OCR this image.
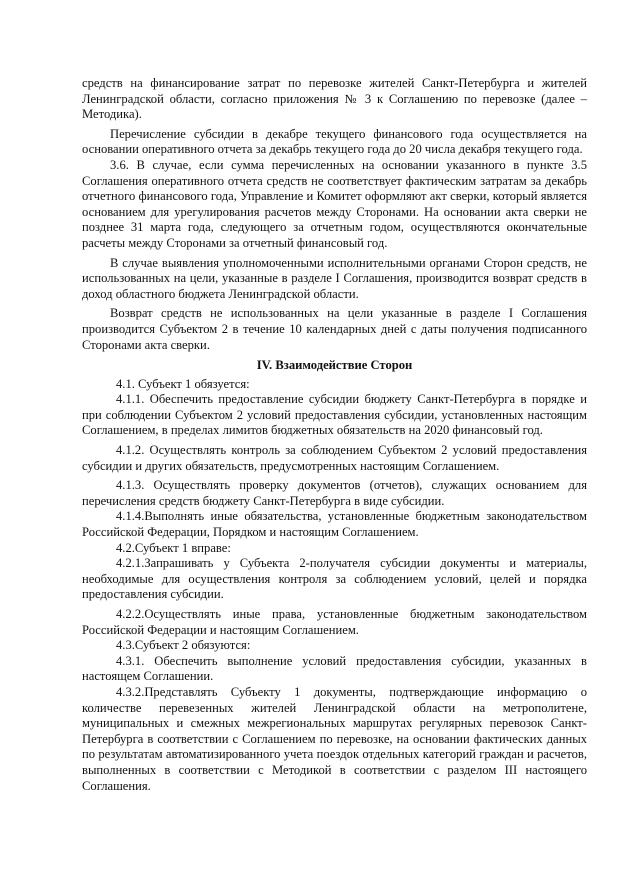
средств на финансирование затрат по перевозке жителей Санкт-Петербурга и жителей Ленинградской области, согласно приложения № 3 к Соглашению по перевозке (далее – Методика).

Перечисление субсидии в декабре текущего финансового года осуществляется на основании оперативного отчета за декабрь текущего года до 20 числа декабря текущего года.

3.6. В случае, если сумма перечисленных на основании указанного в пункте 3.5 Соглашения оперативного отчета средств не соответствует фактическим затратам за декабрь отчетного финансового года, Управление и Комитет оформляют акт сверки, который является основанием для урегулирования расчетов между Сторонами. На основании акта сверки не позднее 31 марта года, следующего за отчетным годом, осуществляются окончательные расчеты между Сторонами за отчетный финансовый год.

В случае выявления уполномоченными исполнительными органами Сторон средств, не использованных на цели, указанные в разделе I Соглашения, производится возврат средств в доход областного бюджета Ленинградской области.

Возврат средств не использованных на цели указанные в разделе I Соглашения производится Субъектом 2 в течение 10 календарных дней с даты получения подписанного Сторонами акта сверки.

IV. Взаимодействие Сторон

4.1. Субъект 1 обязуется:

4.1.1. Обеспечить предоставление субсидии бюджету Санкт-Петербурга в порядке и при соблюдении Субъектом 2 условий предоставления субсидии, установленных настоящим Соглашением, в пределах лимитов бюджетных обязательств на 2020 финансовый год.

4.1.2. Осуществлять контроль за соблюдением Субъектом 2 условий предоставления субсидии и других обязательств, предусмотренных настоящим Соглашением.

4.1.3. Осуществлять проверку документов (отчетов), служащих основанием для перечисления средств бюджету Санкт-Петербурга в виде субсидии.

4.1.4.Выполнять иные обязательства, установленные бюджетным законодательством Российской Федерации, Порядком и настоящим Соглашением.

4.2.Субъект 1 вправе:

4.2.1.Запрашивать у Субъекта 2-получателя субсидии документы и материалы, необходимые для осуществления контроля за соблюдением условий, целей и порядка предоставления субсидии.

4.2.2.Осуществлять иные права, установленные бюджетным законодательством Российской Федерации и настоящим Соглашением.

4.3.Субъект 2 обязуются:

4.3.1. Обеспечить выполнение условий предоставления субсидии, указанных в настоящем Соглашении.

4.3.2.Представлять Субъекту 1 документы, подтверждающие информацию о количестве перевезенных жителей Ленинградской области на метрополитене, муниципальных и смежных межрегиональных маршрутах регулярных перевозок Санкт-Петербурга в соответствии с Соглашением по перевозке, на основании фактических данных по результатам автоматизированного учета поездок отдельных категорий граждан и расчетов, выполненных в соответствии с Методикой в соответствии с разделом III настоящего Соглашения.
